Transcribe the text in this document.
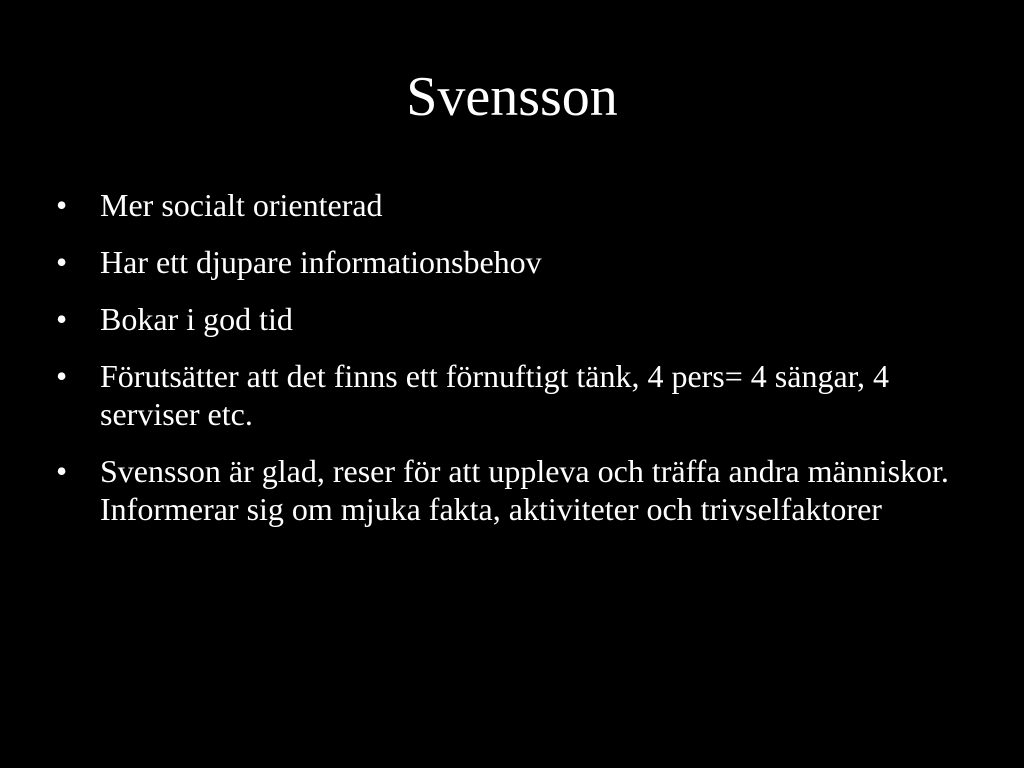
Svensson
•	Mer socialt orienterad
•	Har ett djupare informationsbehov
•	Bokar i god tid
•	Förutsätter att det finns ett förnuftigt tänk, 4 pers= 4 sängar, 4 serviser etc.
•	Svensson är glad, reser för att uppleva och träffa andra människor. Informerar sig om mjuka fakta, aktiviteter och trivselfaktorer
